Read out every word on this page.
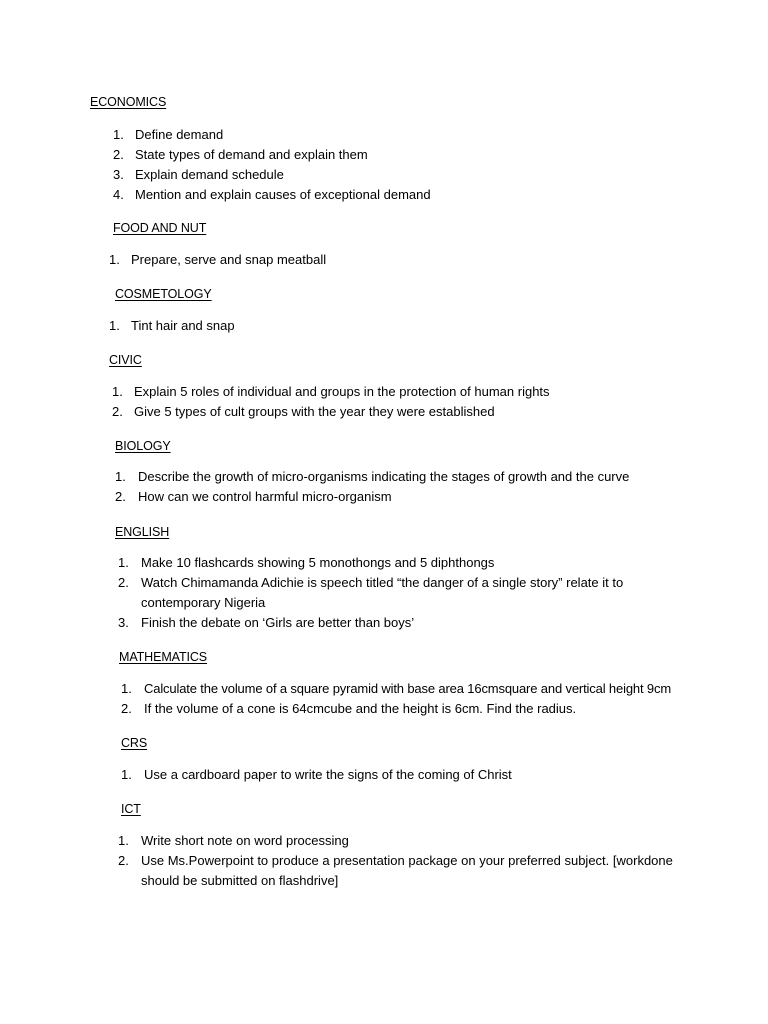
ECONOMICS
1. Define demand
2. State types of demand and explain them
3. Explain demand schedule
4. Mention and explain causes of exceptional demand
FOOD AND NUT
1. Prepare, serve and snap meatball
COSMETOLOGY
1. Tint hair and snap
CIVIC
1. Explain 5 roles of individual and groups in the protection of human rights
2. Give 5 types of cult groups with the year they were established
BIOLOGY
1. Describe the growth of micro-organisms indicating the stages of growth and the curve
2. How can we control harmful micro-organism
ENGLISH
1. Make 10 flashcards showing 5 monothongs and 5 diphthongs
2. Watch Chimamanda Adichie is speech titled “the danger of a single story” relate it to contemporary Nigeria
3. Finish the debate on ‘Girls are better than boys’
MATHEMATICS
1. Calculate the volume of a square pyramid with base area 16cmsquare and vertical height 9cm
2. If the volume of a cone is 64cmcube and the height is 6cm. Find the radius.
CRS
1. Use a cardboard paper to write the signs of the coming of Christ
ICT
1. Write short note on word processing
2. Use Ms.Powerpoint to produce a presentation package on your preferred subject. [workdone should be submitted on flashdrive]
